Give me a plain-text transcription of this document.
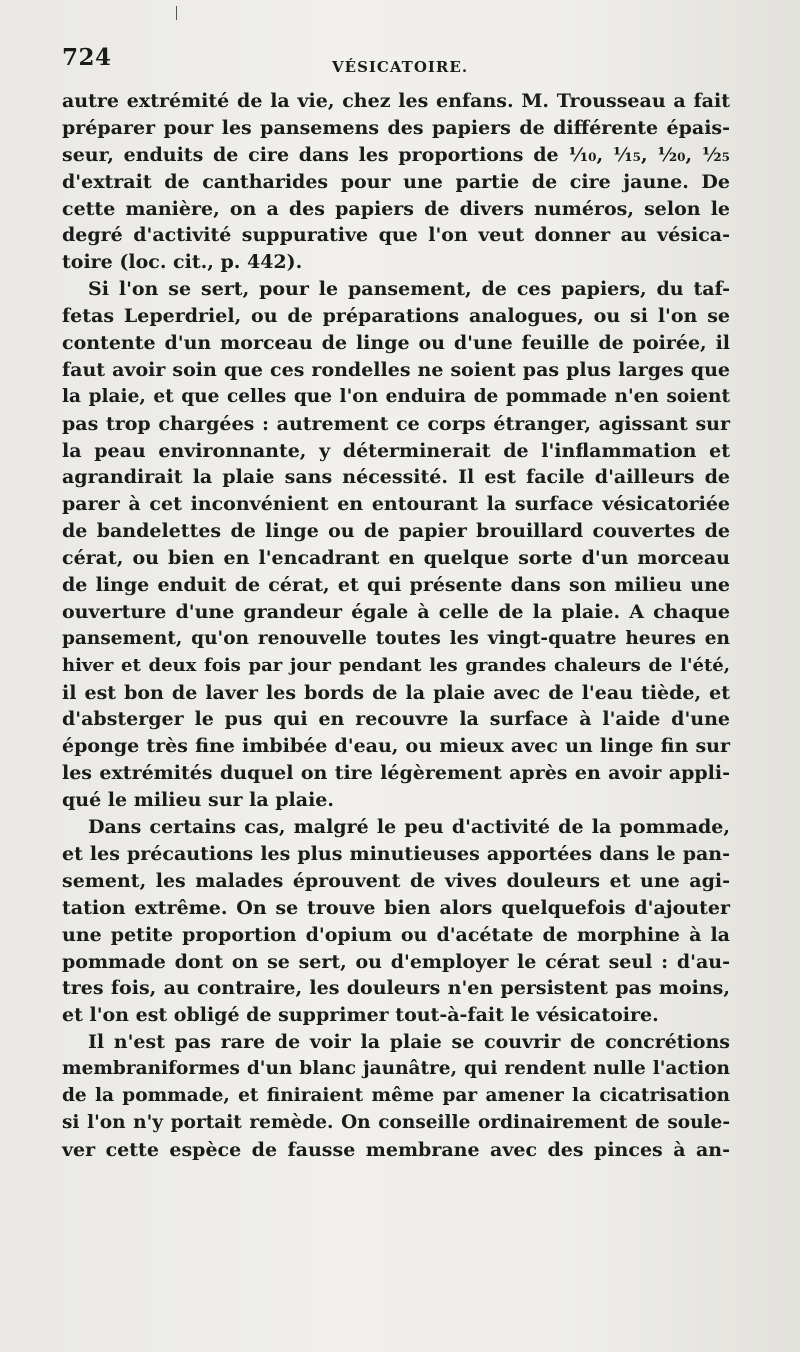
724	VÉSICATOIRE.
autre extrémité de la vie, chez les enfans. M. Trousseau a fait
préparer pour les pansemens des papiers de différente épais-
seur, enduits de cire dans les proportions de ¹⁄₁₀, ¹⁄₁₅, ¹⁄₂₀, ¹⁄₂₅
d'extrait de cantharides pour une partie de cire jaune. De
cette manière, on a des papiers de divers numéros, selon le
degré d'activité suppurative que l'on veut donner au vésica-
toire (loc. cit., p. 442).
Si l'on se sert, pour le pansement, de ces papiers, du taf-
fetas Leperdriel, ou de préparations analogues, ou si l'on se
contente d'un morceau de linge ou d'une feuille de poirée, il
faut avoir soin que ces rondelles ne soient pas plus larges que
la plaie, et que celles que l'on enduira de pommade n'en soient
pas trop chargées : autrement ce corps étranger, agissant sur
la peau environnante, y déterminerait de l'inflammation et
agrandirait la plaie sans nécessité. Il est facile d'ailleurs de
parer à cet inconvénient en entourant la surface vésicatoriée
de bandelettes de linge ou de papier brouillard couvertes de
cérat, ou bien en l'encadrant en quelque sorte d'un morceau
de linge enduit de cérat, et qui présente dans son milieu une
ouverture d'une grandeur égale à celle de la plaie. A chaque
pansement, qu'on renouvelle toutes les vingt-quatre heures en
hiver et deux fois par jour pendant les grandes chaleurs de l'été,
il est bon de laver les bords de la plaie avec de l'eau tiède, et
d'absterger le pus qui en recouvre la surface à l'aide d'une
éponge très fine imbibée d'eau, ou mieux avec un linge fin sur
les extrémités duquel on tire légèrement après en avoir appli-
qué le milieu sur la plaie.
Dans certains cas, malgré le peu d'activité de la pommade,
et les précautions les plus minutieuses apportées dans le pan-
sement, les malades éprouvent de vives douleurs et une agi-
tation extrême. On se trouve bien alors quelquefois d'ajouter
une petite proportion d'opium ou d'acétate de morphine à la
pommade dont on se sert, ou d'employer le cérat seul : d'au-
tres fois, au contraire, les douleurs n'en persistent pas moins,
et l'on est obligé de supprimer tout-à-fait le vésicatoire.
Il n'est pas rare de voir la plaie se couvrir de concrétions
membraniformes d'un blanc jaunâtre, qui rendent nulle l'action
de la pommade, et finiraient même par amener la cicatrisation
si l'on n'y portait remède. On conseille ordinairement de soule-
ver cette espèce de fausse membrane avec des pinces à an-
